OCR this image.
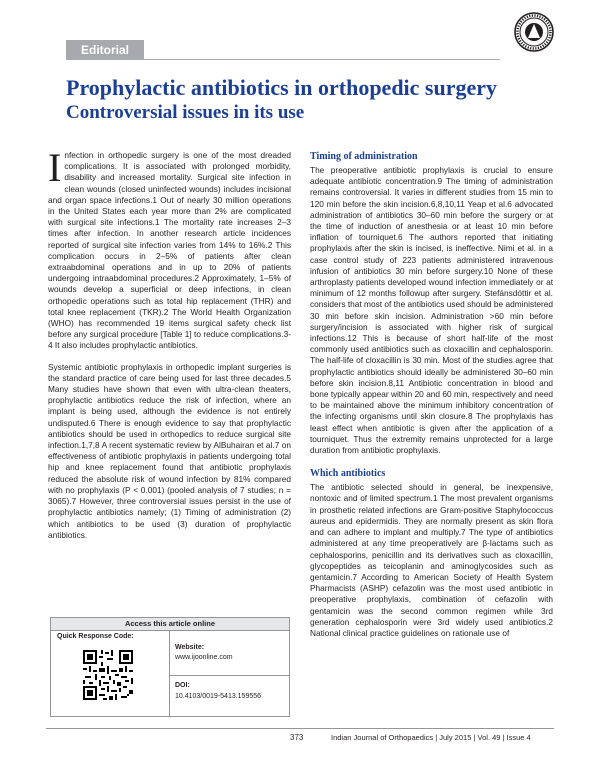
Editorial
Prophylactic antibiotics in orthopedic surgery
Controversial issues in its use

Infection in orthopedic surgery is one of the most dreaded complications. It is associated with prolonged morbidity, disability and increased mortality. Surgical site infection in clean wounds (closed uninfected wounds) includes incisional and organ space infections.1 Out of nearly 30 million operations in the United States each year more than 2% are complicated with surgical site infections.1 The mortality rate increases 2–3 times after infection. In another research article incidences reported of surgical site infection varies from 14% to 16%.2 This complication occurs in 2–5% of patients after clean extraabdominal operations and in up to 20% of patients undergoing intraabdominal procedures.2 Approximately, 1–5% of wounds develop a superficial or deep infections, in clean orthopedic operations such as total hip replacement (THR) and total knee replacement (TKR).2 The World Health Organization (WHO) has recommended 19 items surgical safety check list before any surgical procedure [Table 1] to reduce complications.3-4 It also includes prophylactic antibiotics.

Systemic antibiotic prophylaxis in orthopedic implant surgeries is the standard practice of care being used for last three decades.5 Many studies have shown that even with ultra-clean theaters, prophylactic antibiotics reduce the risk of infection, where an implant is being used, although the evidence is not entirely undisputed.6 There is enough evidence to say that prophylactic antibiotics should be used in orthopedics to reduce surgical site infection.1,7,8 A recent systematic review by AlBuhairan et al.7 on effectiveness of antibiotic prophylaxis in patients undergoing total hip and knee replacement found that antibiotic prophylaxis reduced the absolute risk of wound infection by 81% compared with no prophylaxis (P < 0.001) (pooled analysis of 7 studies; n = 3065).7 However, three controversial issues persist in the use of prophylactic antibiotics namely; (1) Timing of administration (2) which antibiotics to be used (3) duration of prophylactic antibiotics.

Timing of administration

The preoperative antibiotic prophylaxis is crucial to ensure adequate antibiotic concentration.9 The timing of administration remains controversial. It varies in different studies from 15 min to 120 min before the skin incision.6,8,10,11 Yeap et al.6 advocated administration of antibiotics 30–60 min before the surgery or at the time of induction of anesthesia or at least 10 min before inflation of tourniquet.6 The authors reported that initiating prophylaxis after the skin is incised, is ineffective. Nimi et al. in a case control study of 223 patients administered intravenous infusion of antibiotics 30 min before surgery.10 None of these arthroplasty patients developed wound infection immediately or at minimum of 12 months followup after surgery. Stefánsdóttir et al. considers that most of the antibiotics used should be administered 30 min before skin incision. Administration >60 min before surgery/incision is associated with higher risk of surgical infections.12 This is because of short half-life of the most commonly used antibiotics such as cloxacillin and cephalosporin. The half-life of cloxacillin is 30 min. Most of the studies agree that prophylactic antibiotics should ideally be administered 30–60 min before skin incision.8,11 Antibiotic concentration in blood and bone typically appear within 20 and 60 min, respectively and need to be maintained above the minimum inhibitory concentration of the infecting organisms until skin closure.8 The prophylaxis has least effect when antibiotic is given after the application of a tourniquet. Thus the extremity remains unprotected for a large duration from antibiotic prophylaxis.

Which antibiotics

The antibiotic selected should in general, be inexpensive, nontoxic and of limited spectrum.1 The most prevalent organisms in prosthetic related infections are Gram-positive Staphylococcus aureus and epidermidis. They are normally present as skin flora and can adhere to implant and multiply.7 The type of antibiotics administered at any time preoperatively are β-lactams such as cephalosporins, penicillin and its derivatives such as cloxacillin, glycopeptides as teicoplanin and aminoglycosides such as gentamicin.7 According to American Society of Health System Pharmacists (ASHP) cefazolin was the most used antibiotic in preoperative prophylaxis, combination of cefazolin with gentamicin was the second common regimen while 3rd generation cephalosporin were 3rd widely used antibiotics.2 National clinical practice guidelines on rationale use of

Access this article online
Quick Response Code:
Website:
www.ijoonline.com
DOI:
10.4103/0019-5413.159556
373	Indian Journal of Orthopaedics | July 2015 | Vol. 49 | Issue 4
